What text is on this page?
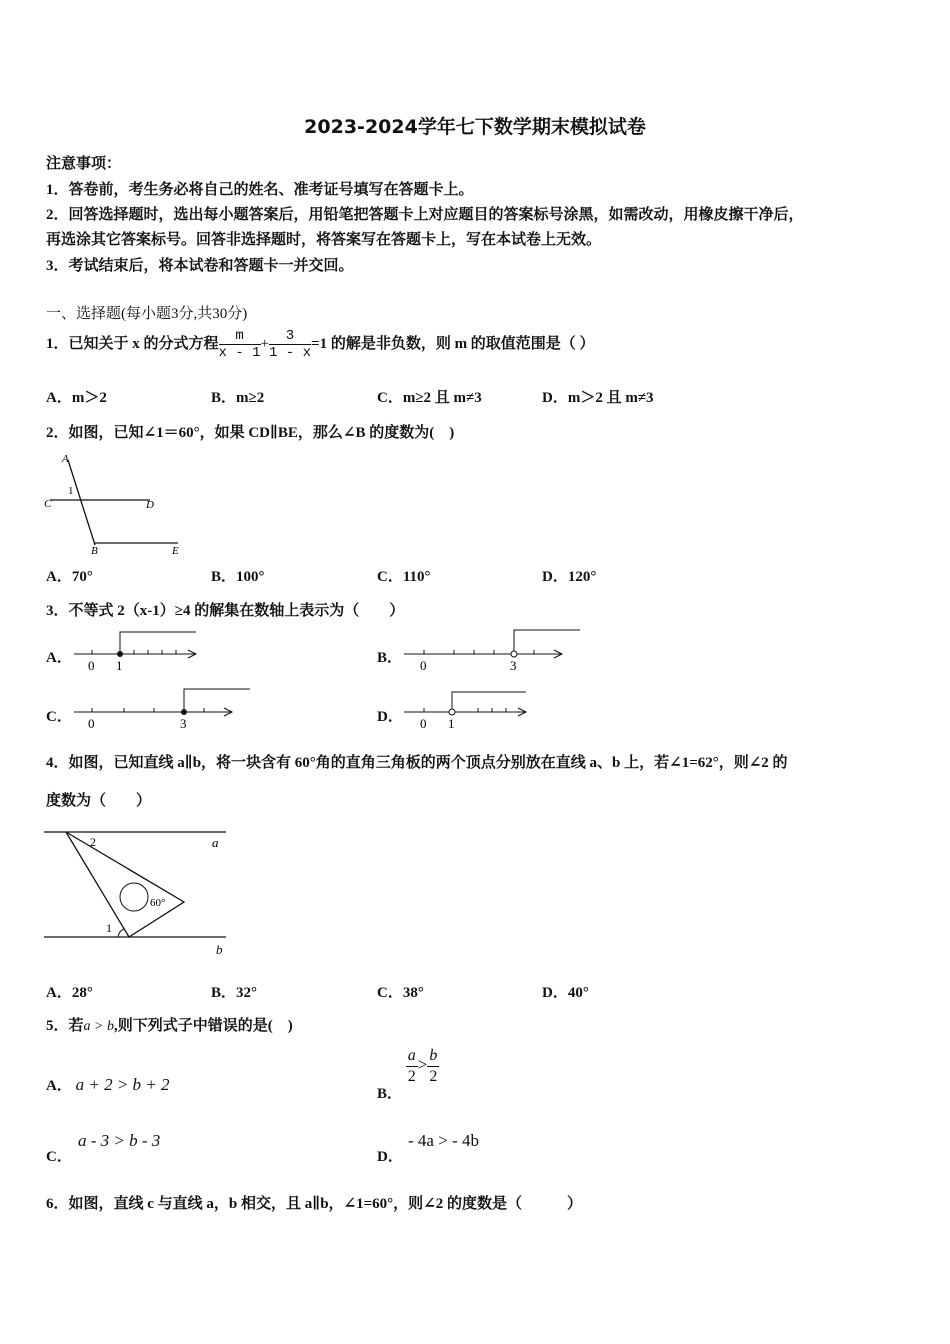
2023-2024学年七下数学期末模拟试卷
注意事项：
1．答卷前，考生务必将自己的姓名、准考证号填写在答题卡上。
2．回答选择题时，选出每小题答案后，用铅笔把答题卡上对应题目的答案标号涂黑，如需改动，用橡皮擦干净后，
再选涂其它答案标号。回答非选择题时，将答案写在答题卡上，写在本试卷上无效。
3．考试结束后，将本试卷和答题卡一并交回。
一、选择题(每小题3分,共30分)
1．已知关于 x 的分式方程 $\frac{m}{x - 1} + \frac{3}{1 - x} =1$ 的解是非负数，则 m 的取值范围是（ ）
A．m＞2	B．m≥2	C．m≥2 且 m≠3	D．m＞2 且 m≠3
2．如图，已知∠1＝60°，如果 CD∥BE，那么∠B 的度数为(　)
A
1
C	D
B	E
A．70°	B．100°	C．110°	D．120°
3．不等式 2（x-1）≥4 的解集在数轴上表示为（　　）
A． 0 1	B． 0	3
C． 0	3	D． 0 1
4．如图，已知直线 a∥b，将一块含有 60°角的直角三角板的两个顶点分别放在直线 a、b 上，若∠1=62°，则∠2 的
度数为（　　）
a
b
1
2
60°
A．28°	B．32°	C．38°	D．40°
5．若a > b,则下列式子中错误的是(　)
A． a + 2 > b + 2	B．
$\frac{a}{2} > \frac{b}{2}$
C．
a - 3 > b - 3
D．
- 4a > - 4b
6．如图，直线 c 与直线 a，b 相交，且 a∥b，∠1=60°，则∠2 的度数是（　　　）
